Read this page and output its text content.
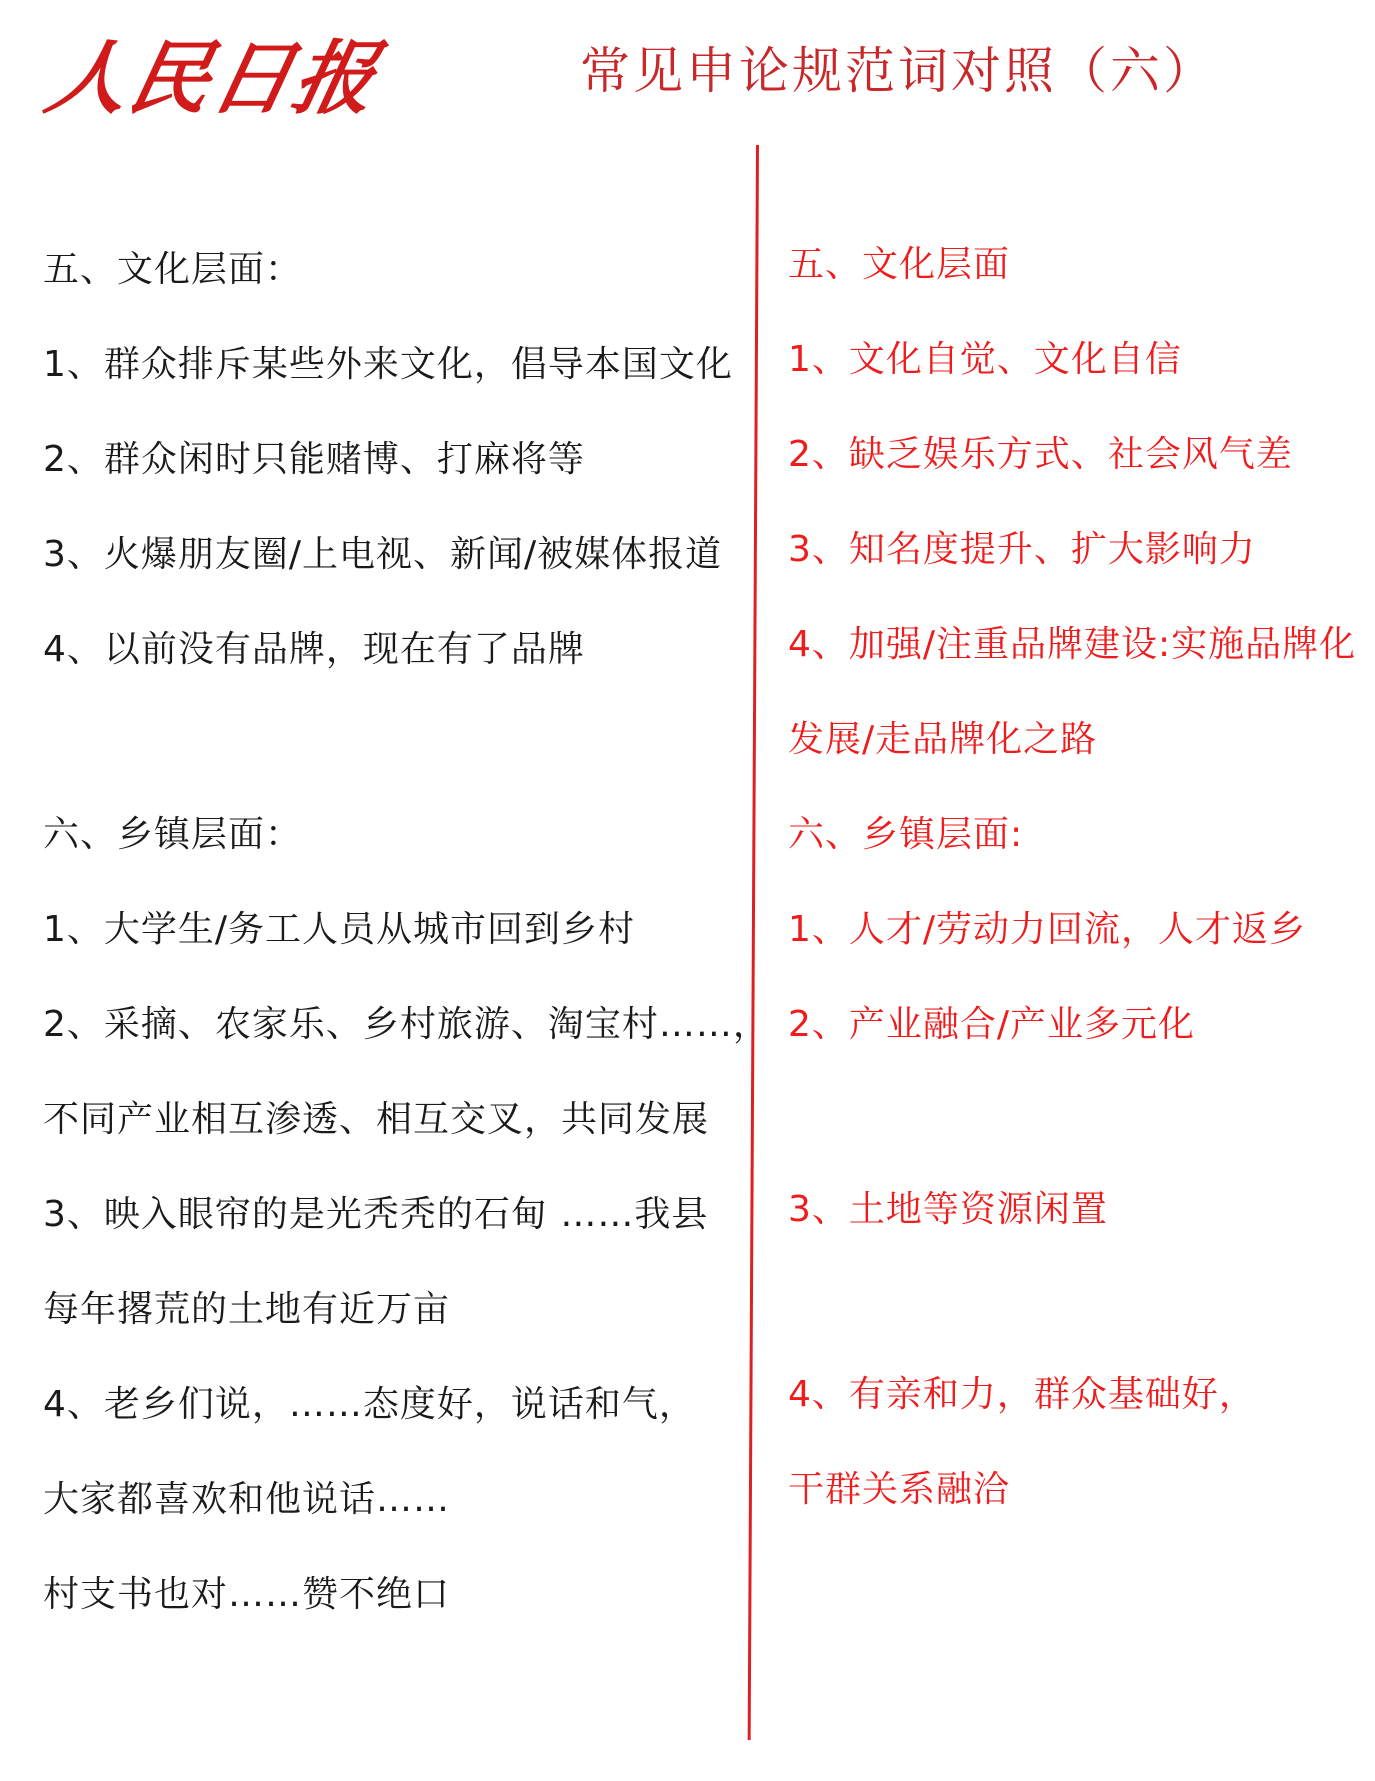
人民日报	常见申论规范词对照（六）
五、文化层面：
1、群众排斥某些外来文化，倡导本国文化
2、群众闲时只能赌博、打麻将等
3、火爆朋友圈/上电视、新闻/被媒体报道
4、以前没有品牌，现在有了品牌
六、乡镇层面：
1、大学生/务工人员从城市回到乡村
2、采摘、农家乐、乡村旅游、淘宝村……，
不同产业相互渗透、相互交叉，共同发展
3、映入眼帘的是光秃秃的石甸 ……我县
每年撂荒的土地有近万亩
4、老乡们说，……态度好，说话和气，
大家都喜欢和他说话……
村支书也对……赞不绝口
五、文化层面
1、文化自觉、文化自信
2、缺乏娱乐方式、社会风气差
3、知名度提升、扩大影响力
4、加强/注重品牌建设:实施品牌化
发展/走品牌化之路
六、乡镇层面:
1、人才/劳动力回流，人才返乡
2、产业融合/产业多元化
3、土地等资源闲置
4、有亲和力，群众基础好，
干群关系融洽
